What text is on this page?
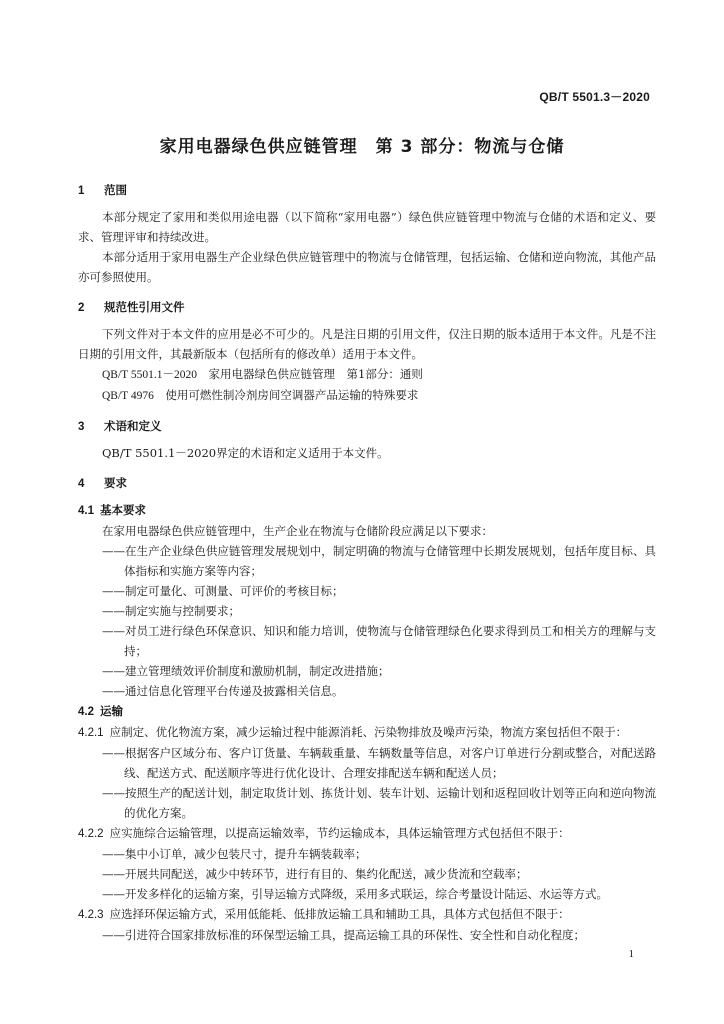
QB/T 5501.3－2020
家用电器绿色供应链管理　第 3 部分：物流与仓储
1 范围
本部分规定了家用和类似用途电器（以下简称“家用电器”）绿色供应链管理中物流与仓储的术语和定义、要求、管理评审和持续改进。
本部分适用于家用电器生产企业绿色供应链管理中的物流与仓储管理，包括运输、仓储和逆向物流，其他产品亦可参照使用。
2 规范性引用文件
下列文件对于本文件的应用是必不可少的。凡是注日期的引用文件，仅注日期的版本适用于本文件。凡是不注日期的引用文件，其最新版本（包括所有的修改单）适用于本文件。
QB/T 5501.1－2020　 家用电器绿色供应链管理　第1部分：通则
QB/T 4976　 使用可燃性制冷剂房间空调器产品运输的特殊要求
3 术语和定义
QB/T 5501.1－2020界定的术语和定义适用于本文件。
4 要求
4.1 基本要求
在家用电器绿色供应链管理中，生产企业在物流与仓储阶段应满足以下要求：
——在生产企业绿色供应链管理发展规划中，制定明确的物流与仓储管理中长期发展规划，包括年度目标、具体指标和实施方案等内容；
——制定可量化、可测量、可评价的考核目标；
——制定实施与控制要求；
——对员工进行绿色环保意识、知识和能力培训，使物流与仓储管理绿色化要求得到员工和相关方的理解与支持；
——建立管理绩效评价制度和激励机制，制定改进措施；
——通过信息化管理平台传递及披露相关信息。
4.2 运输
4.2.1 应制定、优化物流方案，减少运输过程中能源消耗、污染物排放及噪声污染，物流方案包括但不限于：
——根据客户区域分布、客户订货量、车辆载重量、车辆数量等信息，对客户订单进行分割或整合，对配送路线、配送方式、配送顺序等进行优化设计、合理安排配送车辆和配送人员；
——按照生产的配送计划，制定取货计划、拣货计划、装车计划、运输计划和返程回收计划等正向和逆向物流的优化方案。
4.2.2 应实施综合运输管理，以提高运输效率，节约运输成本，具体运输管理方式包括但不限于：
——集中小订单，减少包装尺寸，提升车辆装载率；
——开展共同配送，减少中转环节，进行有目的、集约化配送，减少货流和空载率；
——开发多样化的运输方案，引导运输方式降级，采用多式联运，综合考量设计陆运、水运等方式。
4.2.3 应选择环保运输方式，采用低能耗、低排放运输工具和辅助工具，具体方式包括但不限于：
——引进符合国家排放标准的环保型运输工具，提高运输工具的环保性、安全性和自动化程度；
1
